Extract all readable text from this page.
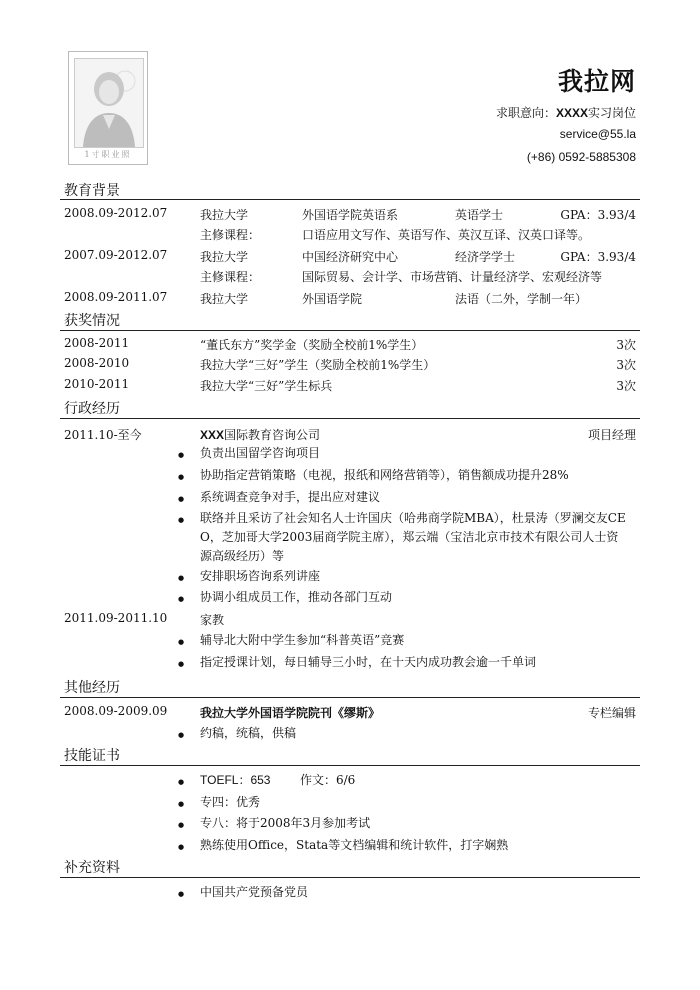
1寸职业照
我拉网
求职意向：XXXX实习岗位
service@55.la
(+86) 0592-5885308
教育背景
2008.09-2012.07	我拉大学	外国语学院英语系	英语学士	GPA：3.93/4
主修课程：	口语应用文写作、英语写作、英汉互译、汉英口译等。
2007.09-2012.07	我拉大学	中国经济研究中心	经济学学士	GPA：3.93/4
主修课程：	国际贸易、会计学、市场营销、计量经济学、宏观经济等
2008.09-2011.07	我拉大学	外国语学院	法语（二外，学制一年）
获奖情况
2008-2011	“董氏东方”奖学金（奖励全校前1%学生）	3次
2008-2010	我拉大学“三好”学生（奖励全校前1%学生）	3次
2010-2011	我拉大学“三好”学生标兵	3次
行政经历
2011.10-至今	XXX国际教育咨询公司	项目经理
● 负责出国留学咨询项目
● 协助指定营销策略（电视，报纸和网络营销等），销售额成功提升28%
● 系统调查竞争对手，提出应对建议
● 联络并且采访了社会知名人士许国庆（哈弗商学院MBA），杜景涛（罗澜交友CE
O，芝加哥大学2003届商学院主席），郑云端（宝洁北京市技术有限公司人士资
源高级经历）等
● 安排职场咨询系列讲座
● 协调小组成员工作，推动各部门互动
2011.09-2011.10	家教
● 辅导北大附中学生参加“科普英语”竞赛
● 指定授课计划，每日辅导三小时，在十天内成功教会逾一千单词
其他经历
2008.09-2009.09	我拉大学外国语学院院刊《缪斯》	专栏编辑
● 约稿，统稿，供稿
技能证书
● TOEFL：653 作文：6/6
● 专四：优秀
● 专八：将于2008年3月参加考试
● 熟练使用Office，Stata等文档编辑和统计软件，打字娴熟
补充资料
● 中国共产党预备党员
